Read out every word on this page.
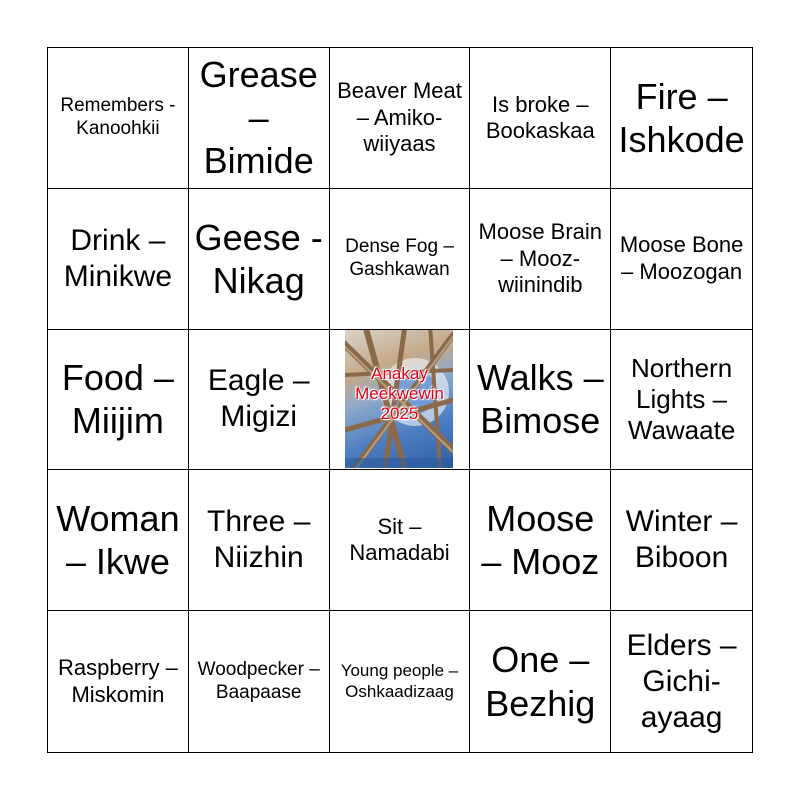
Remembers - Kanoohkii
Grease – Bimide
Beaver Meat – Amiko-wiiyaas
Is broke – Bookaskaa
Fire – Ishkode
Drink – Minikwe
Geese - Nikag
Dense Fog – Gashkawan
Moose Brain – Mooz-wiinindib
Moose Bone – Moozogan
Food – Miijim
Eagle – Migizi
Anakay
Meekwewin
2025
Walks – Bimose
Northern Lights – Wawaate
Woman – Ikwe
Three – Niizhin
Sit – Namadabi
Moose – Mooz
Winter – Biboon
Raspberry – Miskomin
Woodpecker – Baapaase
Young people – Oshkaadizaag
One – Bezhig
Elders – Gichi-ayaag
